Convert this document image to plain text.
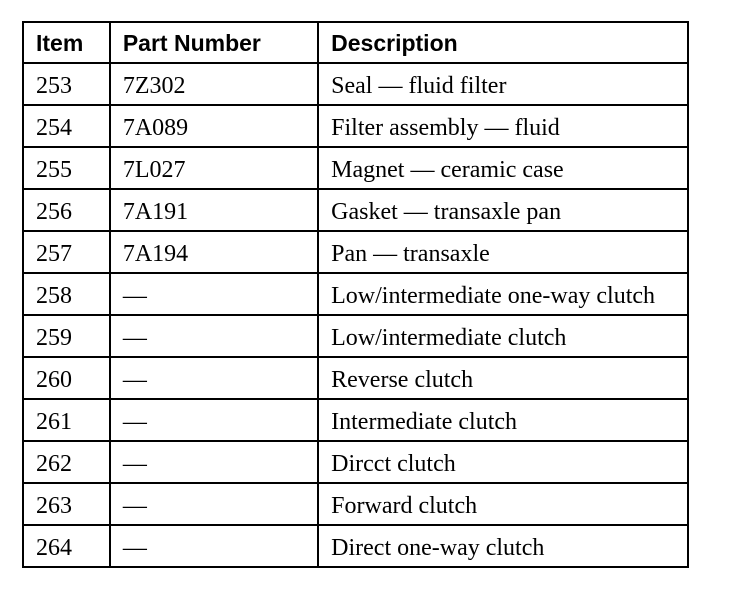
Item	Part Number	Description
253	7Z302	Seal — fluid filter
254	7A089	Filter assembly — fluid
255	7L027	Magnet — ceramic case
256	7A191	Gasket — transaxle pan
257	7A194	Pan — transaxle
258	—	Low/intermediate one-way clutch
259	—	Low/intermediate clutch
260	—	Reverse clutch
261	—	Intermediate clutch
262	—	Dircct clutch
263	—	Forward clutch
264	—	Direct one-way clutch
